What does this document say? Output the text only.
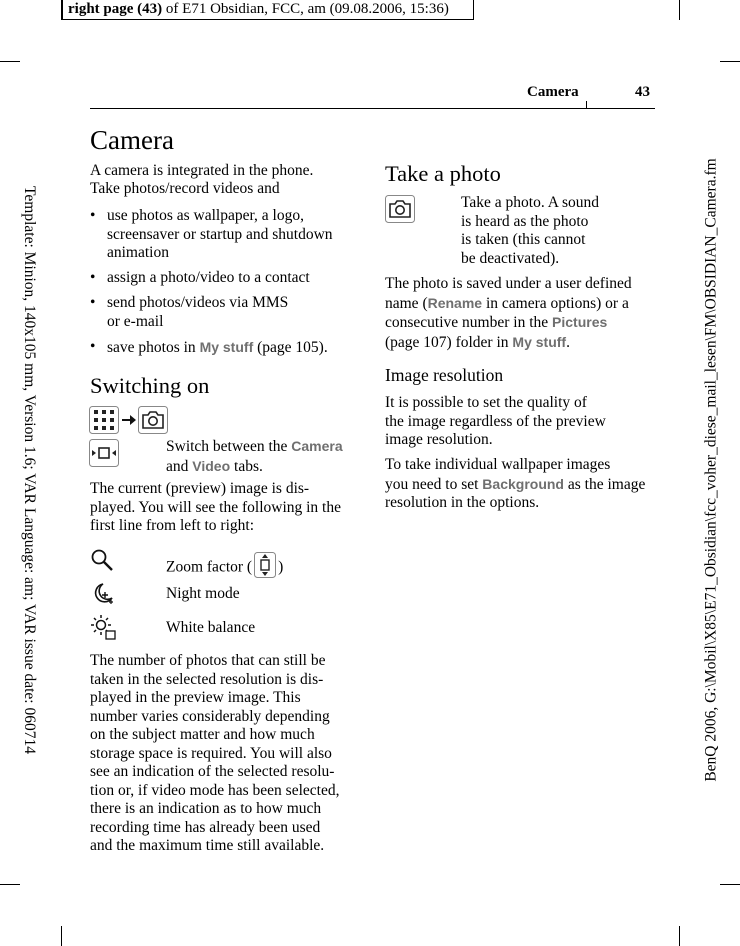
right page (43) of E71 Obsidian, FCC, am (09.08.2006, 15:36)
Template: Minion, 140x105 mm, Version 1.6; VAR Language: am; VAR issue date: 060714	BenQ 2006, G:\Mobil\X85\E71_Obsidian\fcc_voher_diese_mail_lesen\FM\OBSIDIAN_Camera.fm
Camera	43
Camera
A camera is integrated in the phone.
Take photos/record videos and
• use photos as wallpaper, a logo,
screensaver or startup and shutdown
animation
• assign a photo/video to a contact
• send photos/videos via MMS
or e-mail
• save photos in My stuff (page 105).
Switching on
Switch between the Camera
and Video tabs.
The current (preview) image is dis-
played. You will see the following in the
first line from left to right:
Zoom factor ( )
Night mode
White balance
The number of photos that can still be
taken in the selected resolution is dis-
played in the preview image. This
number varies considerably depending
on the subject matter and how much
storage space is required. You will also
see an indication of the selected resolu-
tion or, if video mode has been selected,
there is an indication as to how much
recording time has already been used
and the maximum time still available.
Take a photo
Take a photo. A sound
is heard as the photo
is taken (this cannot
be deactivated).
The photo is saved under a user defined
name (Rename in camera options) or a
consecutive number in the Pictures
(page 107) folder in My stuff.
Image resolution
It is possible to set the quality of
the image regardless of the preview
image resolution.
To take individual wallpaper images
you need to set Background as the image
resolution in the options.
